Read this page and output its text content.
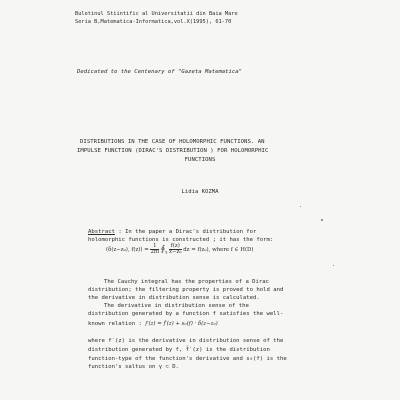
Buletinul Stiintific al Universitatii din Baia Mare
Seria B,Matematica-Informatica,vol.X(1995), 61-70
Dedicated to the Centenary of "Gazeta Matematica"
DISTRIBUTIONS IN THE CASE OF HOLOMORPHIC FUNCTIONS. AN
IMPULSE FUNCTION (DIRAC'S DISTRIBUTION ) FOR HOLOMORPHIC
FUNCTIONS
Lidia KOZMA
Abstract : In the paper a Dirac's distribution for
holomorphic functions is constructed ; it has the form:
(δ(z−z₀), $f(z)) = \frac{1}{2\pi i}$ $∮_\gamma \frac{f(z)}{\text{z−z₀}}$ dz = f(z₀), where f ∈ H(D)
The Cauchy integral has the properties of a Dirac
distribution; the filtering property is proved to hold and
the derivative in distribution sense is calculated.
The derivative in distribution sense of the
distribution generated by a function f satisfies the well-
known relation : f′(z) = f̃′(z) + s₀(f) · δ(z−z₀)
where f′(z) is the derivative in distribution sense of the
distribution generated by f, f̃′(z) is the distribution
function-type of the function's derivative and s₀(f) is the
function's saltus on γ ⊂ D.
